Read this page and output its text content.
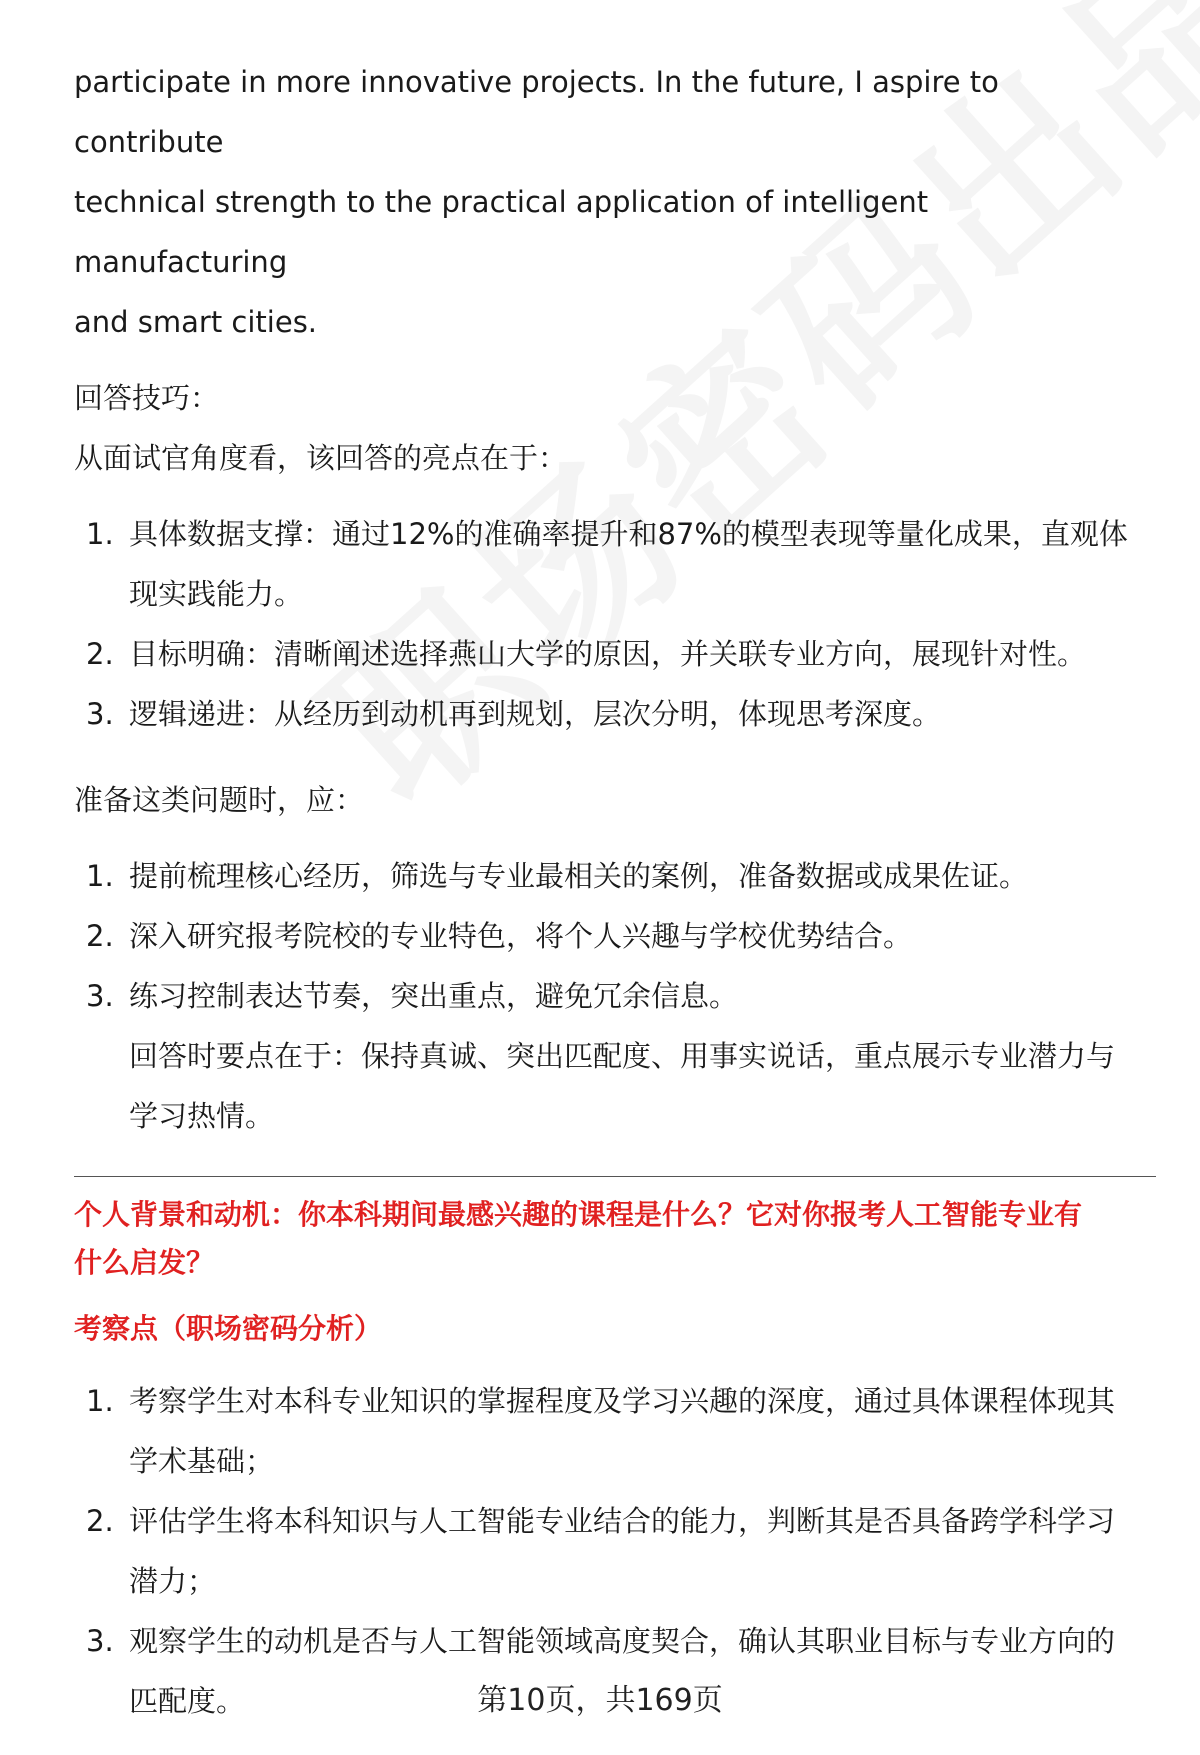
participate in more innovative projects. In the future, I aspire to contribute

technical strength to the practical application of intelligent manufacturing

and smart cities.

回答技巧：

从面试官角度看，该回答的亮点在于：

1. 具体数据支撑：通过12%的准确率提升和87%的模型表现等量化成果，直观体
现实践能力。
2. 目标明确：清晰阐述选择燕山大学的原因，并关联专业方向，展现针对性。
3. 逻辑递进：从经历到动机再到规划，层次分明，体现思考深度。

准备这类问题时，应：

1. 提前梳理核心经历，筛选与专业最相关的案例，准备数据或成果佐证。
2. 深入研究报考院校的专业特色，将个人兴趣与学校优势结合。
3. 练习控制表达节奏，突出重点，避免冗余信息。

回答时要点在于：保持真诚、突出匹配度、用事实说话，重点展示专业潜力与

学习热情。

个人背景和动机：你本科期间最感兴趣的课程是什么？它对你报考人工智能专业有

什么启发？

考察点（职场密码分析）

1. 考察学生对本科专业知识的掌握程度及学习兴趣的深度，通过具体课程体现其
学术基础；
2. 评估学生将本科知识与人工智能专业结合的能力，判断其是否具备跨学科学习
潜力；
3. 观察学生的动机是否与人工智能领域高度契合，确认其职业目标与专业方向的
匹配度。	第10页，共169页
